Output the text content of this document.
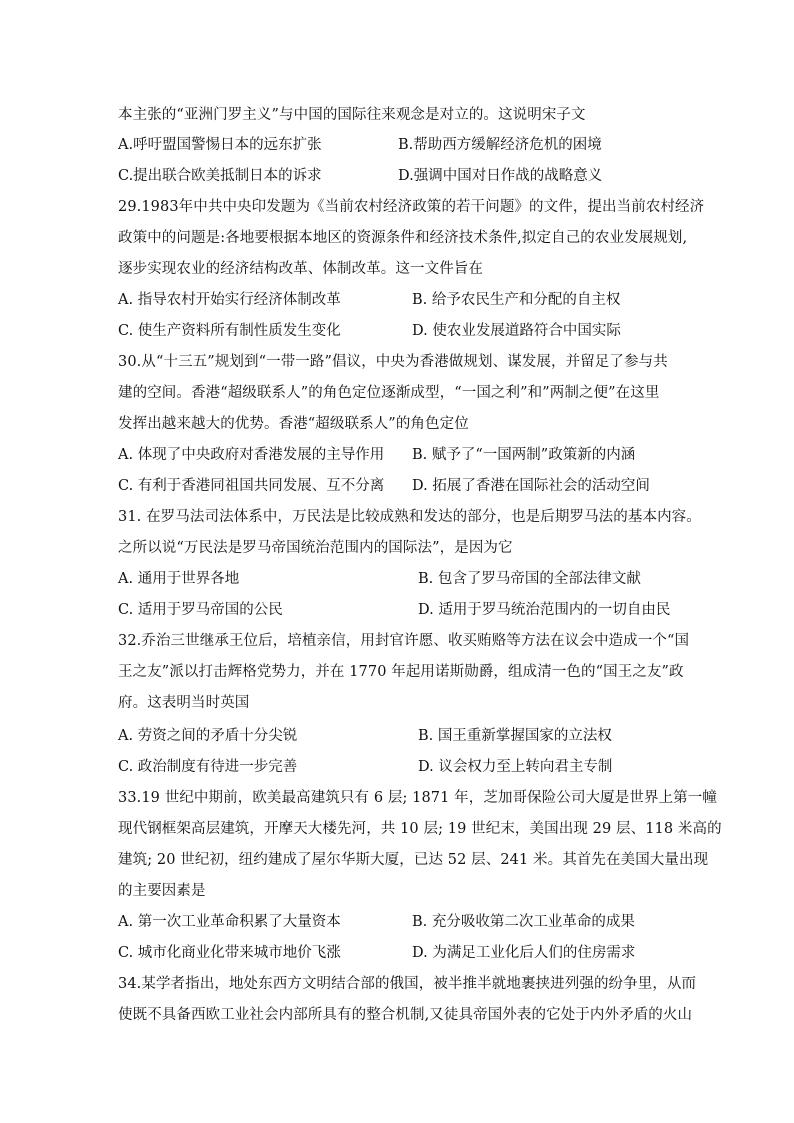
本主张的“亚洲门罗主义”与中国的国际往来观念是对立的。这说明宋子文
A.呼吁盟国警惕日本的远东扩张	B.帮助西方缓解经济危机的困境
C.提出联合欧美抵制日本的诉求	D.强调中国对日作战的战略意义
29.1983年中共中央印发题为《当前农村经济政策的若干问题》的文件，提出当前农村经济
政策中的问题是:各地要根据本地区的资源条件和经济技术条件,拟定自己的农业发展规划,
逐步实现农业的经济结构改革、体制改革。这一文件旨在
A. 指导农村开始实行经济体制改革	B. 给予农民生产和分配的自主权
C. 使生产资料所有制性质发生变化	D. 使农业发展道路符合中国实际
30.从“十三五”规划到“一带一路”倡议，中央为香港做规划、谋发展，并留足了参与共
建的空间。香港“超级联系人”的角色定位逐渐成型，“一国之利”和”两制之便”在这里
发挥出越来越大的优势。香港“超级联系人”的角色定位
A. 体现了中央政府对香港发展的主导作用 B. 赋予了“一国两制”政策新的内涵
C. 有利于香港同祖国共同发展、互不分离 D. 拓展了香港在国际社会的活动空间
31. 在罗马法司法体系中，万民法是比较成熟和发达的部分，也是后期罗马法的基本内容。
之所以说“万民法是罗马帝国统治范围内的国际法”，是因为它
A. 通用于世界各地	B. 包含了罗马帝国的全部法律文献
C. 适用于罗马帝国的公民	D. 适用于罗马统治范围内的一切自由民
32.乔治三世继承王位后，培植亲信，用封官许愿、收买贿赂等方法在议会中造成一个“国
王之友”派以打击辉格党势力，并在 1770 年起用诺斯勋爵，组成清一色的“国王之友”政
府。这表明当时英国
A. 劳资之间的矛盾十分尖锐	B. 国王重新掌握国家的立法权
C. 政治制度有待进一步完善	D. 议会权力至上转向君主专制
33.19 世纪中期前，欧美最高建筑只有 6 层; 1871 年，芝加哥保险公司大厦是世界上第一幢
现代钢框架高层建筑，开摩天大楼先河，共 10 层; 19 世纪末，美国出现 29 层、118 米高的
建筑; 20 世纪初，纽约建成了屋尔华斯大厦，已达 52 层、241 米。其首先在美国大量出现
的主要因素是
A. 第一次工业革命积累了大量资本	B. 充分吸收第二次工业革命的成果
C. 城市化商业化带来城市地价飞涨	D. 为满足工业化后人们的住房需求
34.某学者指出，地处东西方文明结合部的俄国，被半推半就地裹挟进列强的纷争里，从而
使既不具备西欧工业社会内部所具有的整合机制,又徒具帝国外表的它处于内外矛盾的火山
